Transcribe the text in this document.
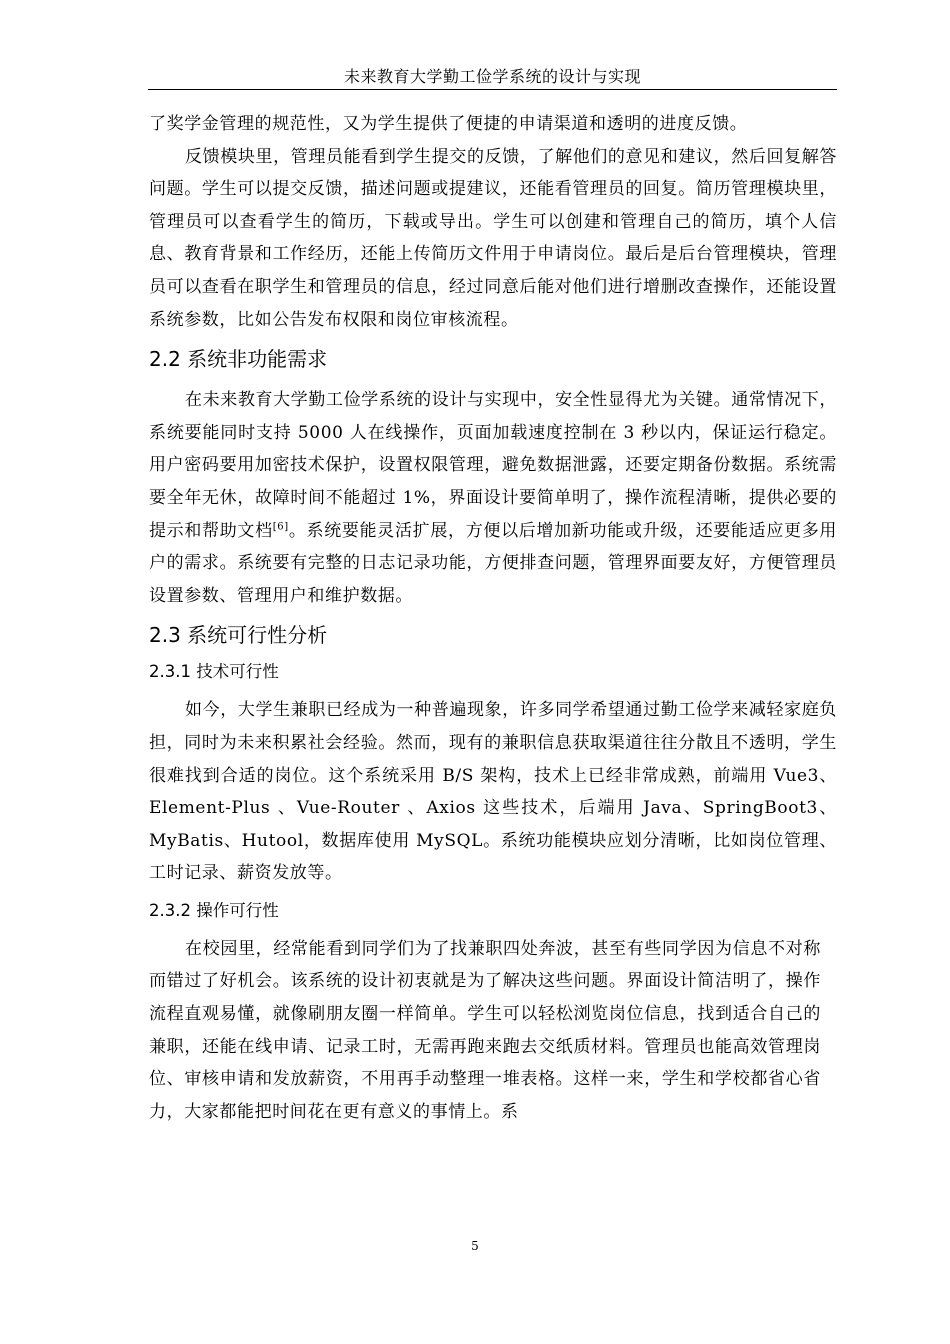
未来教育大学勤工俭学系统的设计与实现

了奖学金管理的规范性，又为学生提供了便捷的申请渠道和透明的进度反馈。

反馈模块里，管理员能看到学生提交的反馈，了解他们的意见和建议，然后回复解答问题。学生可以提交反馈，描述问题或提建议，还能看管理员的回复。简历管理模块里，管理员可以查看学生的简历，下载或导出。学生可以创建和管理自己的简历，填个人信息、教育背景和工作经历，还能上传简历文件用于申请岗位。最后是后台管理模块，管理员可以查看在职学生和管理员的信息，经过同意后能对他们进行增删改查操作，还能设置系统参数，比如公告发布权限和岗位审核流程。

2.2 系统非功能需求

在未来教育大学勤工俭学系统的设计与实现中，安全性显得尤为关键。通常情况下，系统要能同时支持 5000 人在线操作，页面加载速度控制在 3 秒以内，保证运行稳定。用户密码要用加密技术保护，设置权限管理，避免数据泄露，还要定期备份数据。系统需要全年无休，故障时间不能超过 1%，界面设计要简单明了，操作流程清晰，提供必要的提示和帮助文档[6]。系统要能灵活扩展，方便以后增加新功能或升级，还要能适应更多用户的需求。系统要有完整的日志记录功能，方便排查问题，管理界面要友好，方便管理员设置参数、管理用户和维护数据。

2.3 系统可行性分析
2.3.1 技术可行性

如今，大学生兼职已经成为一种普遍现象，许多同学希望通过勤工俭学来减轻家庭负担，同时为未来积累社会经验。然而，现有的兼职信息获取渠道往往分散且不透明，学生很难找到合适的岗位。这个系统采用 B/S 架构，技术上已经非常成熟，前端用 Vue3、Element-Plus 、Vue-Router 、Axios 这些技术，后端用 Java、SpringBoot3、MyBatis、Hutool，数据库使用 MySQL。系统功能模块应划分清晰，比如岗位管理、工时记录、薪资发放等。

2.3.2 操作可行性

在校园里，经常能看到同学们为了找兼职四处奔波，甚至有些同学因为信息不对称而错过了好机会。该系统的设计初衷就是为了解决这些问题。界面设计简洁明了，操作流程直观易懂，就像刷朋友圈一样简单。学生可以轻松浏览岗位信息，找到适合自己的兼职，还能在线申请、记录工时，无需再跑来跑去交纸质材料。管理员也能高效管理岗位、审核申请和发放薪资，不用再手动整理一堆表格。这样一来，学生和学校都省心省力，大家都能把时间花在更有意义的事情上。系

5
